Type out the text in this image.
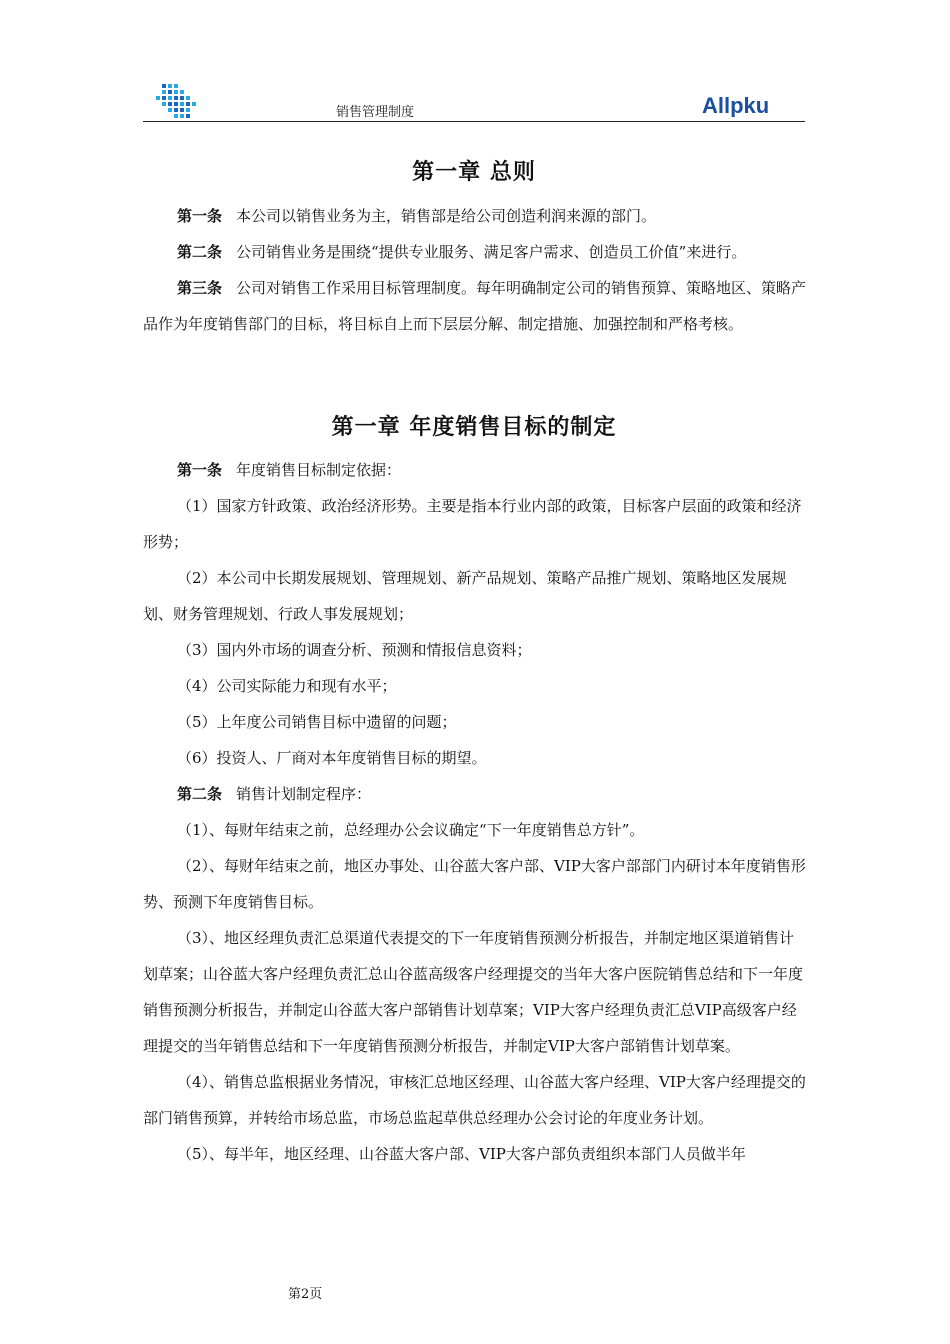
销售管理制度	Allpku
第一章 总则

第一条 本公司以销售业务为主，销售部是给公司创造利润来源的部门。

第二条 公司销售业务是围绕“提供专业服务、满足客户需求、创造员工价值”来进行。

第三条 公司对销售工作采用目标管理制度。每年明确制定公司的销售预算、策略地区、策略产品作为年度销售部门的目标，将目标自上而下层层分解、制定措施、加强控制和严格考核。

第一章 年度销售目标的制定

第一条 年度销售目标制定依据：

（1）国家方针政策、政治经济形势。主要是指本行业内部的政策，目标客户层面的政策和经济形势；

（2）本公司中长期发展规划、管理规划、新产品规划、策略产品推广规划、策略地区发展规划、财务管理规划、行政人事发展规划；

（3）国内外市场的调查分析、预测和情报信息资料；

（4）公司实际能力和现有水平；

（5）上年度公司销售目标中遗留的问题；

（6）投资人、厂商对本年度销售目标的期望。

第二条 销售计划制定程序：

（1）、每财年结束之前，总经理办公会议确定“下一年度销售总方针”。

（2）、每财年结束之前，地区办事处、山谷蓝大客户部、VIP大客户部部门内研讨本年度销售形势、预测下年度销售目标。

（3）、地区经理负责汇总渠道代表提交的下一年度销售预测分析报告，并制定地区渠道销售计划草案；山谷蓝大客户经理负责汇总山谷蓝高级客户经理提交的当年大客户医院销售总结和下一年度销售预测分析报告，并制定山谷蓝大客户部销售计划草案；VIP大客户经理负责汇总VIP高级客户经理提交的当年销售总结和下一年度销售预测分析报告，并制定VIP大客户部销售计划草案。

（4）、销售总监根据业务情况，审核汇总地区经理、山谷蓝大客户经理、VIP大客户经理提交的部门销售预算，并转给市场总监，市场总监起草供总经理办公会讨论的年度业务计划。

（5）、每半年，地区经理、山谷蓝大客户部、VIP大客户部负责组织本部门人员做半年

第2页
